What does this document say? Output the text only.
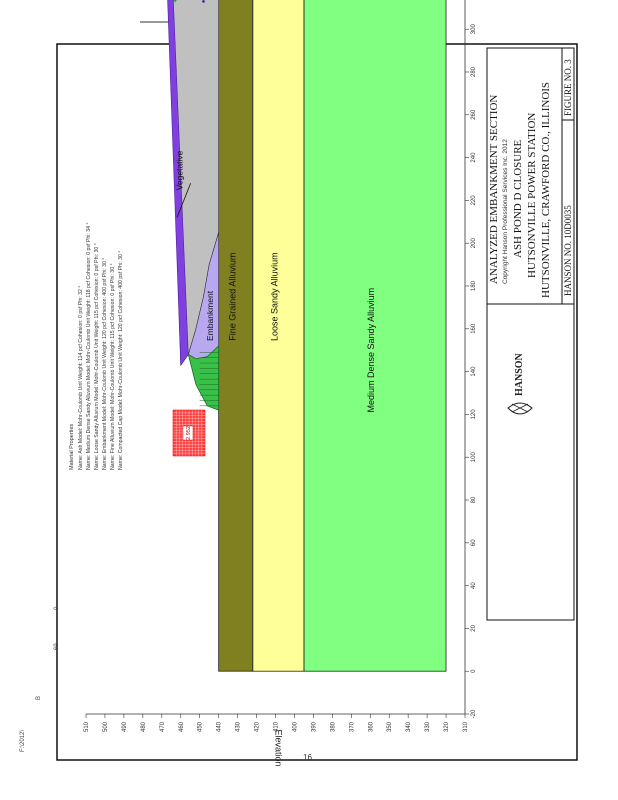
F:\2012\
B
69
0
Fine Grained Alluvium	Loose Sandy Alluvium	Medium Dense Sandy Alluvium
Embankment
Vegetative
-20
0
20
40
60
80
100
120
140
160
180
200
220
240
260
280
300
310
320
330
340
350
360
370
380
390
400
410
420
430
440
450
460
470
480
490
500
510
Elevation
Material Properties Name: Ash Model: Mohr-Coulomb Unit Weight: 114 pcf Cohesion: 0 psf Phi: 32 ° Name: Medium Dense Sandy Alluvium Model: Mohr-Coulomb Unit Weight: 118 pcf Cohesion: 0 psf Phi: 34 ° Name: Loose Sandy Alluvium Model: Mohr-Coulomb Unit Weight: 115 pcf Cohesion: 0 psf Phi: 30 ° Name: Embankment Model: Mohr-Coulomb Unit Weight: 120 pcf Cohesion: 400 psf Phi: 30 ° Name: Fine Alluvium Model: Mohr-Coulomb Unit Weight: 115 pcf Cohesion: 0 psf Phi: 30 ° Name: Compacted Cap Model: Mohr-Coulomb Unit Weight: 120 pcf Cohesion: 400 psf Phi: 30 °	2.952
ANALYZED EMBANKMENT SECTION Copyright Hanson Professional Services Inc. 2012 ASH POND D CLOSURE HUTSONVILLE POWER STATION HUTSONVILLE, CRAWFORD CO., ILLINOIS HANSON NO. 10D0035
FIGURE NO. 3
HANSON
16
